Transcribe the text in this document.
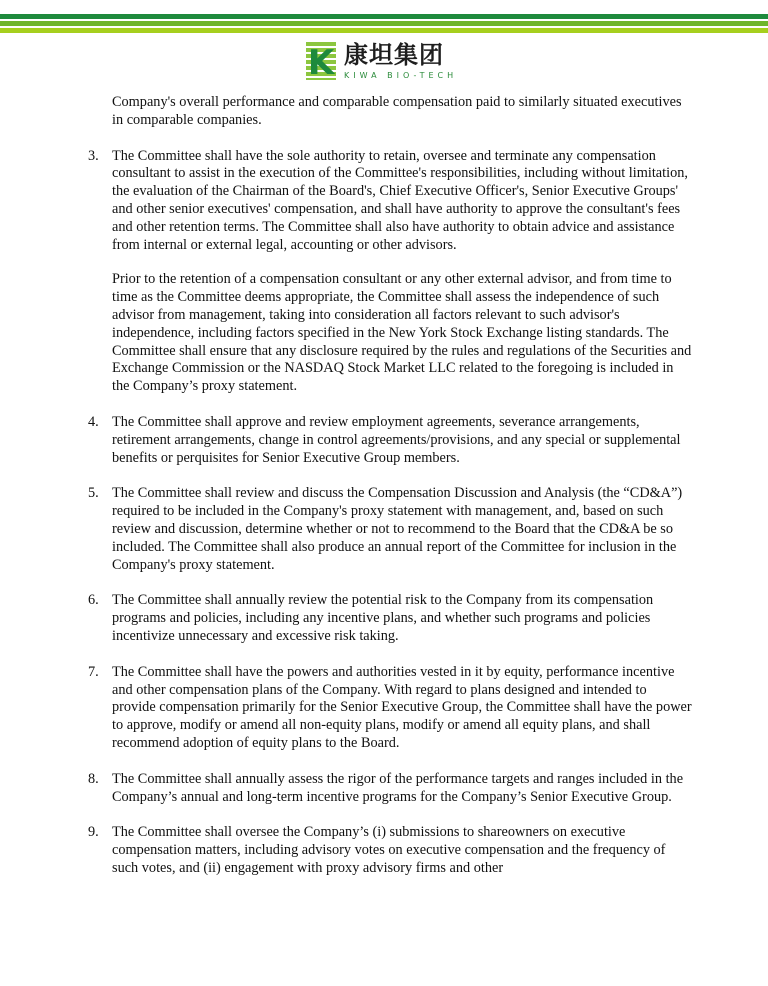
K 康坦集团
KIWA BIO-TECH

Company's overall performance and comparable compensation paid to similarly situated executives in comparable companies.

3. The Committee shall have the sole authority to retain, oversee and terminate any compensation consultant to assist in the execution of the Committee's responsibilities, including without limitation, the evaluation of the Chairman of the Board's, Chief Executive Officer's, Senior Executive Groups' and other senior executives' compensation, and shall have authority to approve the consultant's fees and other retention terms. The Committee shall also have authority to obtain advice and assistance from internal or external legal, accounting or other advisors.

Prior to the retention of a compensation consultant or any other external advisor, and from time to time as the Committee deems appropriate, the Committee shall assess the independence of such advisor from management, taking into consideration all factors relevant to such advisor's independence, including factors specified in the New York Stock Exchange listing standards. The Committee shall ensure that any disclosure required by the rules and regulations of the Securities and Exchange Commission or the NASDAQ Stock Market LLC related to the foregoing is included in the Company’s proxy statement.

4. The Committee shall approve and review employment agreements, severance arrangements, retirement arrangements, change in control agreements/provisions, and any special or supplemental benefits or perquisites for Senior Executive Group members.

5. The Committee shall review and discuss the Compensation Discussion and Analysis (the “CD&A”) required to be included in the Company's proxy statement with management, and, based on such review and discussion, determine whether or not to recommend to the Board that the CD&A be so included. The Committee shall also produce an annual report of the Committee for inclusion in the Company's proxy statement.

6. The Committee shall annually review the potential risk to the Company from its compensation programs and policies, including any incentive plans, and whether such programs and policies incentivize unnecessary and excessive risk taking.

7. The Committee shall have the powers and authorities vested in it by equity, performance incentive and other compensation plans of the Company. With regard to plans designed and intended to provide compensation primarily for the Senior Executive Group, the Committee shall have the power to approve, modify or amend all non-equity plans, modify or amend all equity plans, and shall recommend adoption of equity plans to the Board.

8. The Committee shall annually assess the rigor of the performance targets and ranges included in the Company’s annual and long-term incentive programs for the Company’s Senior Executive Group.

9. The Committee shall oversee the Company’s (i) submissions to shareowners on executive compensation matters, including advisory votes on executive compensation and the frequency of such votes, and (ii) engagement with proxy advisory firms and other
